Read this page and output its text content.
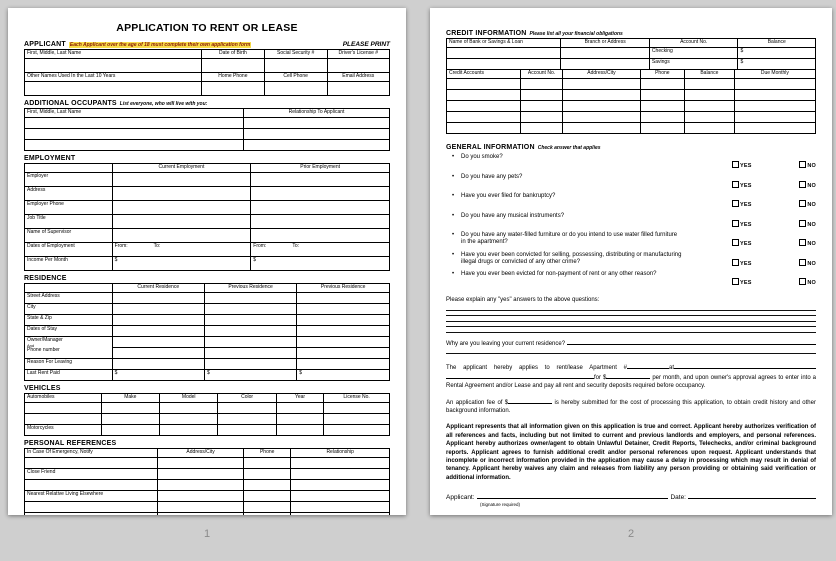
APPLICATION TO RENT OR LEASE
APPLICANT Each Applicant over the age of 18 must complete their own application form	PLEASE PRINT
First, Middle, Last Name	Date of Birth	Social Security #	Driver's License #

Other Names Used In the Last 10 Years	Home Phone	Cell Phone	Email Address

ADDITIONAL OCCUPANTS List everyone, who will live with you:
First, Middle, Last Name	Relationship To Applicant

EMPLOYMENT
	Current Employment	Prior Employment
Employer		
Address		
Employer Phone		
Job Title		
Name of Supervisor		
Dates of Employment	From: To:	From: To:
Income Per Month	$	$
RESIDENCE
	Current Residence	Previous Residence	Previous Residence
Street Address			
City			
State & Zip			
Dates of Stay			

Owner/Manager
And
Phone number			

Reason For Leaving			
Last Rent Paid	$	$	$
VEHICLES
Automobiles	Make	Model	Color	Year	License No.

Motorcycles					
PERSONAL REFERENCES
In Case Of Emergency, Notify	Address/City	Phone	Relationship

Close Friend			

Nearest Relative Living Elsewhere			

CREDIT INFORMATION Please list all your financial obligations
Name of Bank or Savings & Loan	Branch or Address	Account No.	Balance
		Checking	$
		Savings	$
Credit Accounts	Account No.	Address/City	Phone	Balance	Due Monthly

GENERAL INFORMATION Check answer that applies
•	Do you smoke?
YES	NO
•	Do you have any pets?
YES	NO
•	Have you ever filed for bankruptcy?
YES	NO
•	Do you have any musical instruments?
YES	NO
•	Do you have any water-filled furniture or do you intend to use water filled furniture in the apartment?	YES	NO
•	Have you ever been convicted for selling, possessing, distributing or manufacturing illegal drugs or convicted of any other crime?	YES	NO
•	Have you ever been evicted for non-payment of rent or any other reason?
YES	NO
Please explain any "yes" answers to the above questions:
Why are you leaving your current residence?

The applicant hereby applies to rent/lease Apartment #	at for $	per month, and upon owner's approval agrees to enter into a Rental Agreement and/or Lease and pay all rent and security deposits required before occupancy.

An application fee of $	is hereby submitted for the cost of processing this application, to obtain credit history and other background information.

Applicant represents that all information given on this application is true and correct. Applicant hereby authorizes verification of all references and facts, including but not limited to current and previous landlords and employers, and personal references. Applicant hereby authorizes owner/agent to obtain Unlawful Detainer, Credit Reports, Telechecks, and/or criminal background reports. Applicant agrees to furnish additional credit and/or personal references upon request. Applicant understands that incomplete or incorrect information provided in the application may cause a delay in processing which may result in denial of tenancy. Applicant hereby waives any claim and releases from liability any person providing or obtaining said verification or additional information.

Applicant:	Date:
(Signature required)
1	2
